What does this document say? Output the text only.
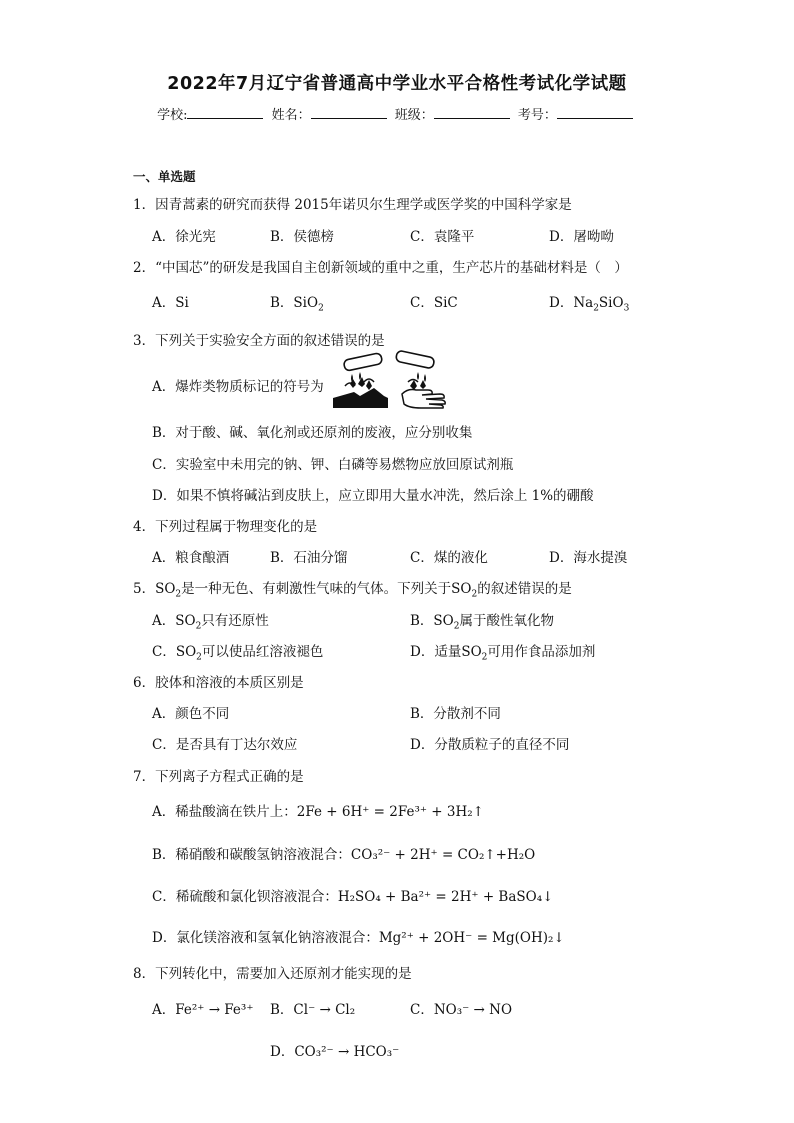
2022年7月辽宁省普通高中学业水平合格性考试化学试题
学校:	姓名：	班级：	考号：
一、单选题
1．因青蒿素的研究而获得 2015年诺贝尔生理学或医学奖的中国科学家是
A．徐光宪	B．侯德榜	C．袁隆平	D．屠呦呦
2．“中国芯”的研发是我国自主创新领域的重中之重，生产芯片的基础材料是（　）
A．Si	B．SiO$_2$	C．SiC	D．$Na_2SiO_3$
3．下列关于实验安全方面的叙述错误的是
A．爆炸类物质标记的符号为
B．对于酸、碱、氧化剂或还原剂的废液，应分别收集
C．实验室中未用完的钠、钾、白磷等易燃物应放回原试剂瓶
D．如果不慎将碱沾到皮肤上，应立即用大量水冲洗，然后涂上 1%的硼酸
4．下列过程属于物理变化的是
A．粮食酿酒	B．石油分馏	C．煤的液化	D．海水提溴
5．$SO_2$是一种无色、有刺激性气味的气体。下列关于$SO_2$的叙述错误的是
A．$SO_2$只有还原性	B．$SO_2$属于酸性氧化物
C．$SO_2$可以使品红溶液褪色	D．适量$SO_2$可用作食品添加剂
6．胶体和溶液的本质区别是
A．颜色不同	B．分散剂不同
C．是否具有丁达尔效应	D．分散质粒子的直径不同
7．下列离子方程式正确的是
A．稀盐酸滴在铁片上：2Fe + 6H⁺ = 2Fe³⁺ + 3H₂↑
B．稀硝酸和碳酸氢钠溶液混合：CO₃²⁻ + 2H⁺ = CO₂↑+H₂O
C．稀硫酸和氯化钡溶液混合：H₂SO₄ + Ba²⁺ = 2H⁺ + BaSO₄↓
D．氯化镁溶液和氢氧化钠溶液混合：Mg²⁺ + 2OH⁻ = Mg(OH)₂↓
8．下列转化中，需要加入还原剂才能实现的是
A．Fe²⁺ → Fe³⁺ B．Cl⁻ → Cl₂	C．NO₃⁻ → NO
D．CO₃²⁻ → HCO₃⁻
